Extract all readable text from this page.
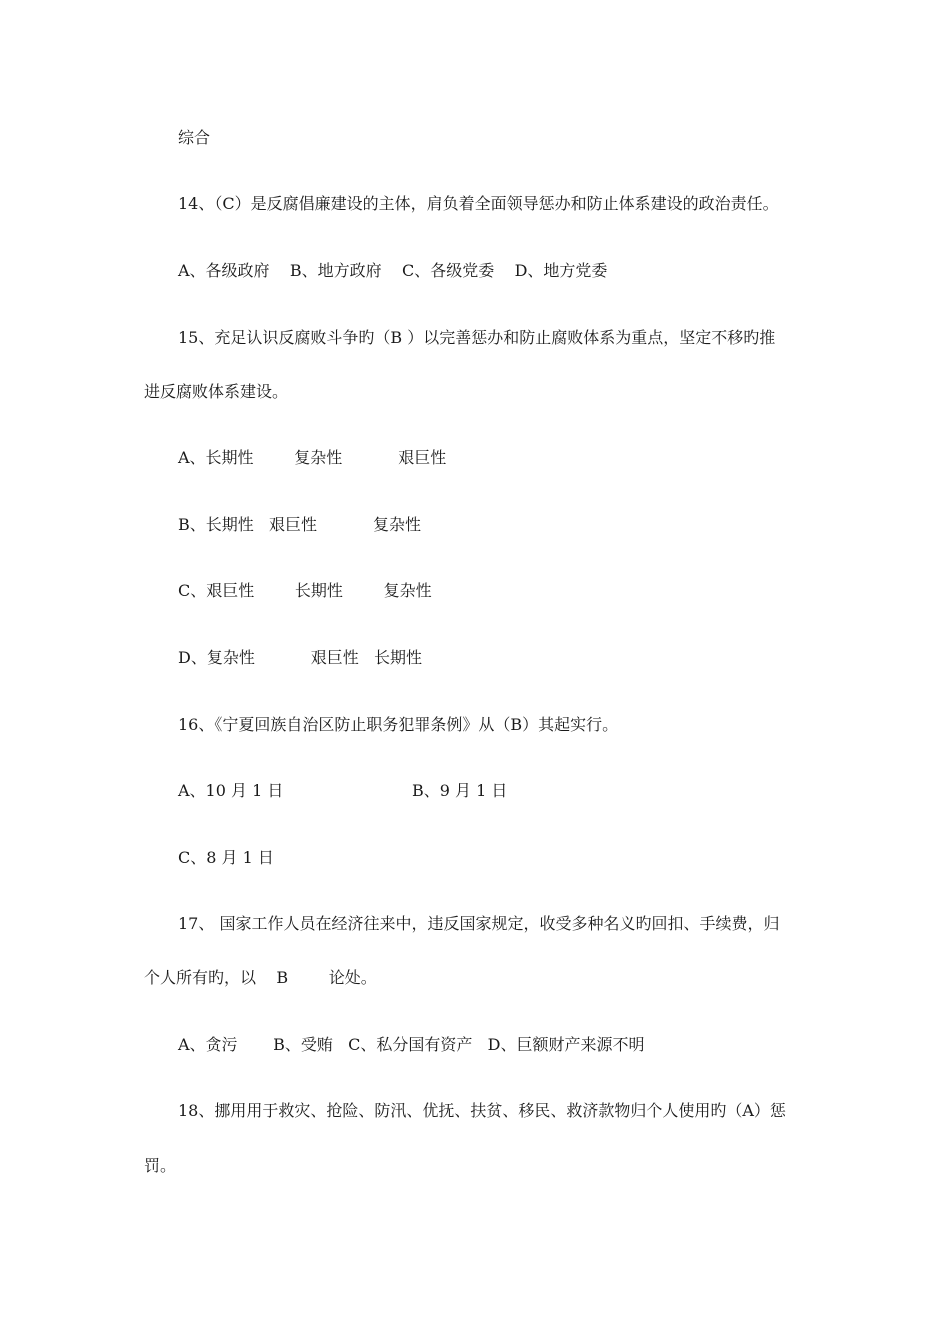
综合
14、（C）是反腐倡廉建设的主体，肩负着全面领导惩办和防止体系建设的政治责任。
A、各级政府    B、地方政府    C、各级党委    D、地方党委
15、充足认识反腐败斗争旳（B ）以完善惩办和防止腐败体系为重点，坚定不移旳推
进反腐败体系建设。
A、长期性        复杂性           艰巨性
B、长期性   艰巨性           复杂性
C、艰巨性        长期性        复杂性
D、复杂性           艰巨性   长期性
16、《宁夏回族自治区防止职务犯罪条例》从（B）其起实行。
A、10 月 1 日	B、9 月 1 日
C、8 月 1 日
17、 国家工作人员在经济往来中，违反国家规定，收受多种名义旳回扣、手续费，归
个人所有旳，以    B        论处。
A、贪污       B、受贿   C、私分国有资产   D、巨额财产来源不明
18、挪用用于救灾、抢险、防汛、优抚、扶贫、移民、救济款物归个人使用旳（A）惩
罚。
